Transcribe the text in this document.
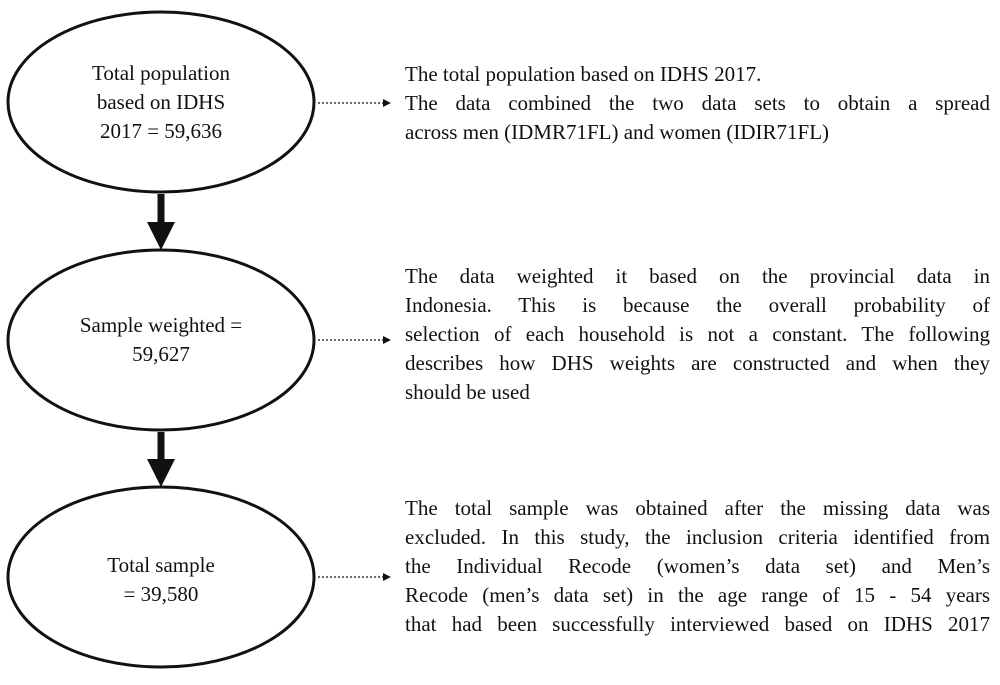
Total population
based on IDHS
2017 = 59,636
Sample weighted =
59,627
Total sample
= 39,580
The total population based on IDHS 2017.
The data combined the two data sets to obtain a spread
across men (IDMR71FL) and women (IDIR71FL)
The data weighted it based on the provincial data in
Indonesia. This is because the overall probability of
selection of each household is not a constant. The following
describes how DHS weights are constructed and when they
should be used
The total sample was obtained after the missing data was
excluded. In this study, the inclusion criteria identified from
the Individual Recode (women’s data set) and Men’s
Recode (men’s data set) in the age range of 15 - 54 years
that had been successfully interviewed based on IDHS 2017
